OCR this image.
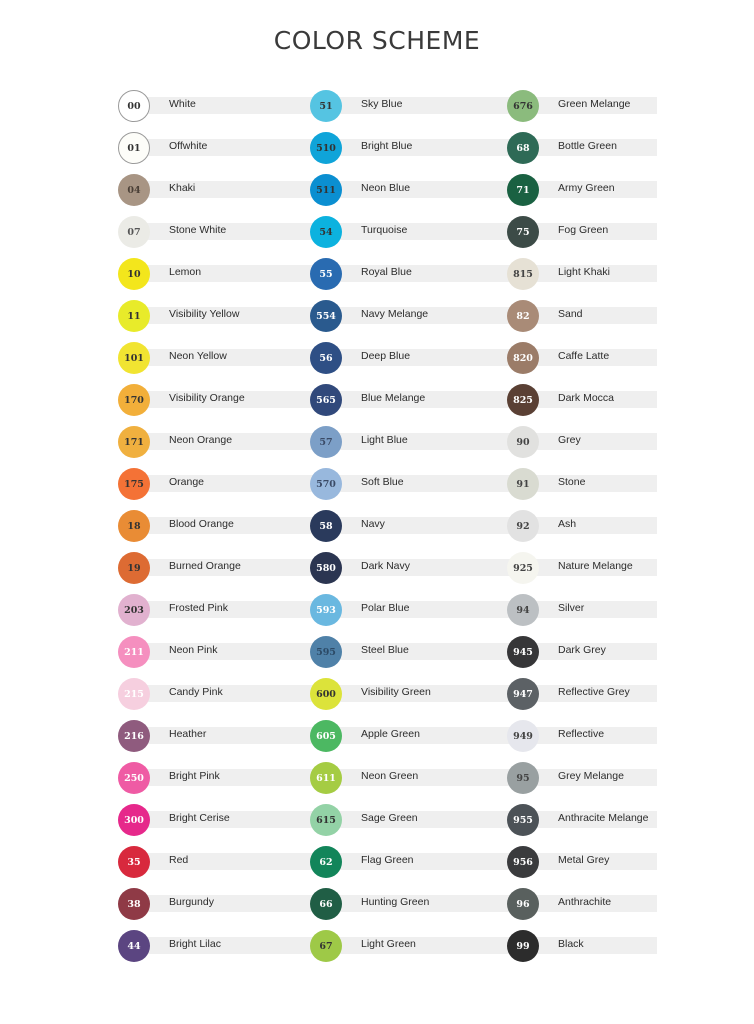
COLOR SCHEME
00	White
01	Offwhite
04	Khaki
07	Stone White
10	Lemon
11	Visibility Yellow
101	Neon Yellow
170	Visibility Orange
171	Neon Orange
175	Orange
18	Blood Orange
19	Burned Orange
203	Frosted Pink
211	Neon Pink
215	Candy Pink
216	Heather
250	Bright Pink
300	Bright Cerise
35	Red
38	Burgundy
44	Bright Lilac
51	Sky Blue
510	Bright Blue
511	Neon Blue
54	Turquoise
55	Royal Blue
554	Navy Melange
56	Deep Blue
565	Blue Melange
57	Light Blue
570	Soft Blue
58	Navy
580	Dark Navy
593	Polar Blue
595	Steel Blue
600	Visibility Green
605	Apple Green
611	Neon Green
615	Sage Green
62	Flag Green
66	Hunting Green
67	Light Green
676	Green Melange
68	Bottle Green
71	Army Green
75	Fog Green
815	Light Khaki
82	Sand
820	Caffe Latte
825	Dark Mocca
90	Grey
91	Stone
92	Ash
925	Nature Melange
94	Silver
945	Dark Grey
947	Reflective Grey
949	Reflective
95	Grey Melange
955	Anthracite Melange
956	Metal Grey
96	Anthrachite
99	Black
